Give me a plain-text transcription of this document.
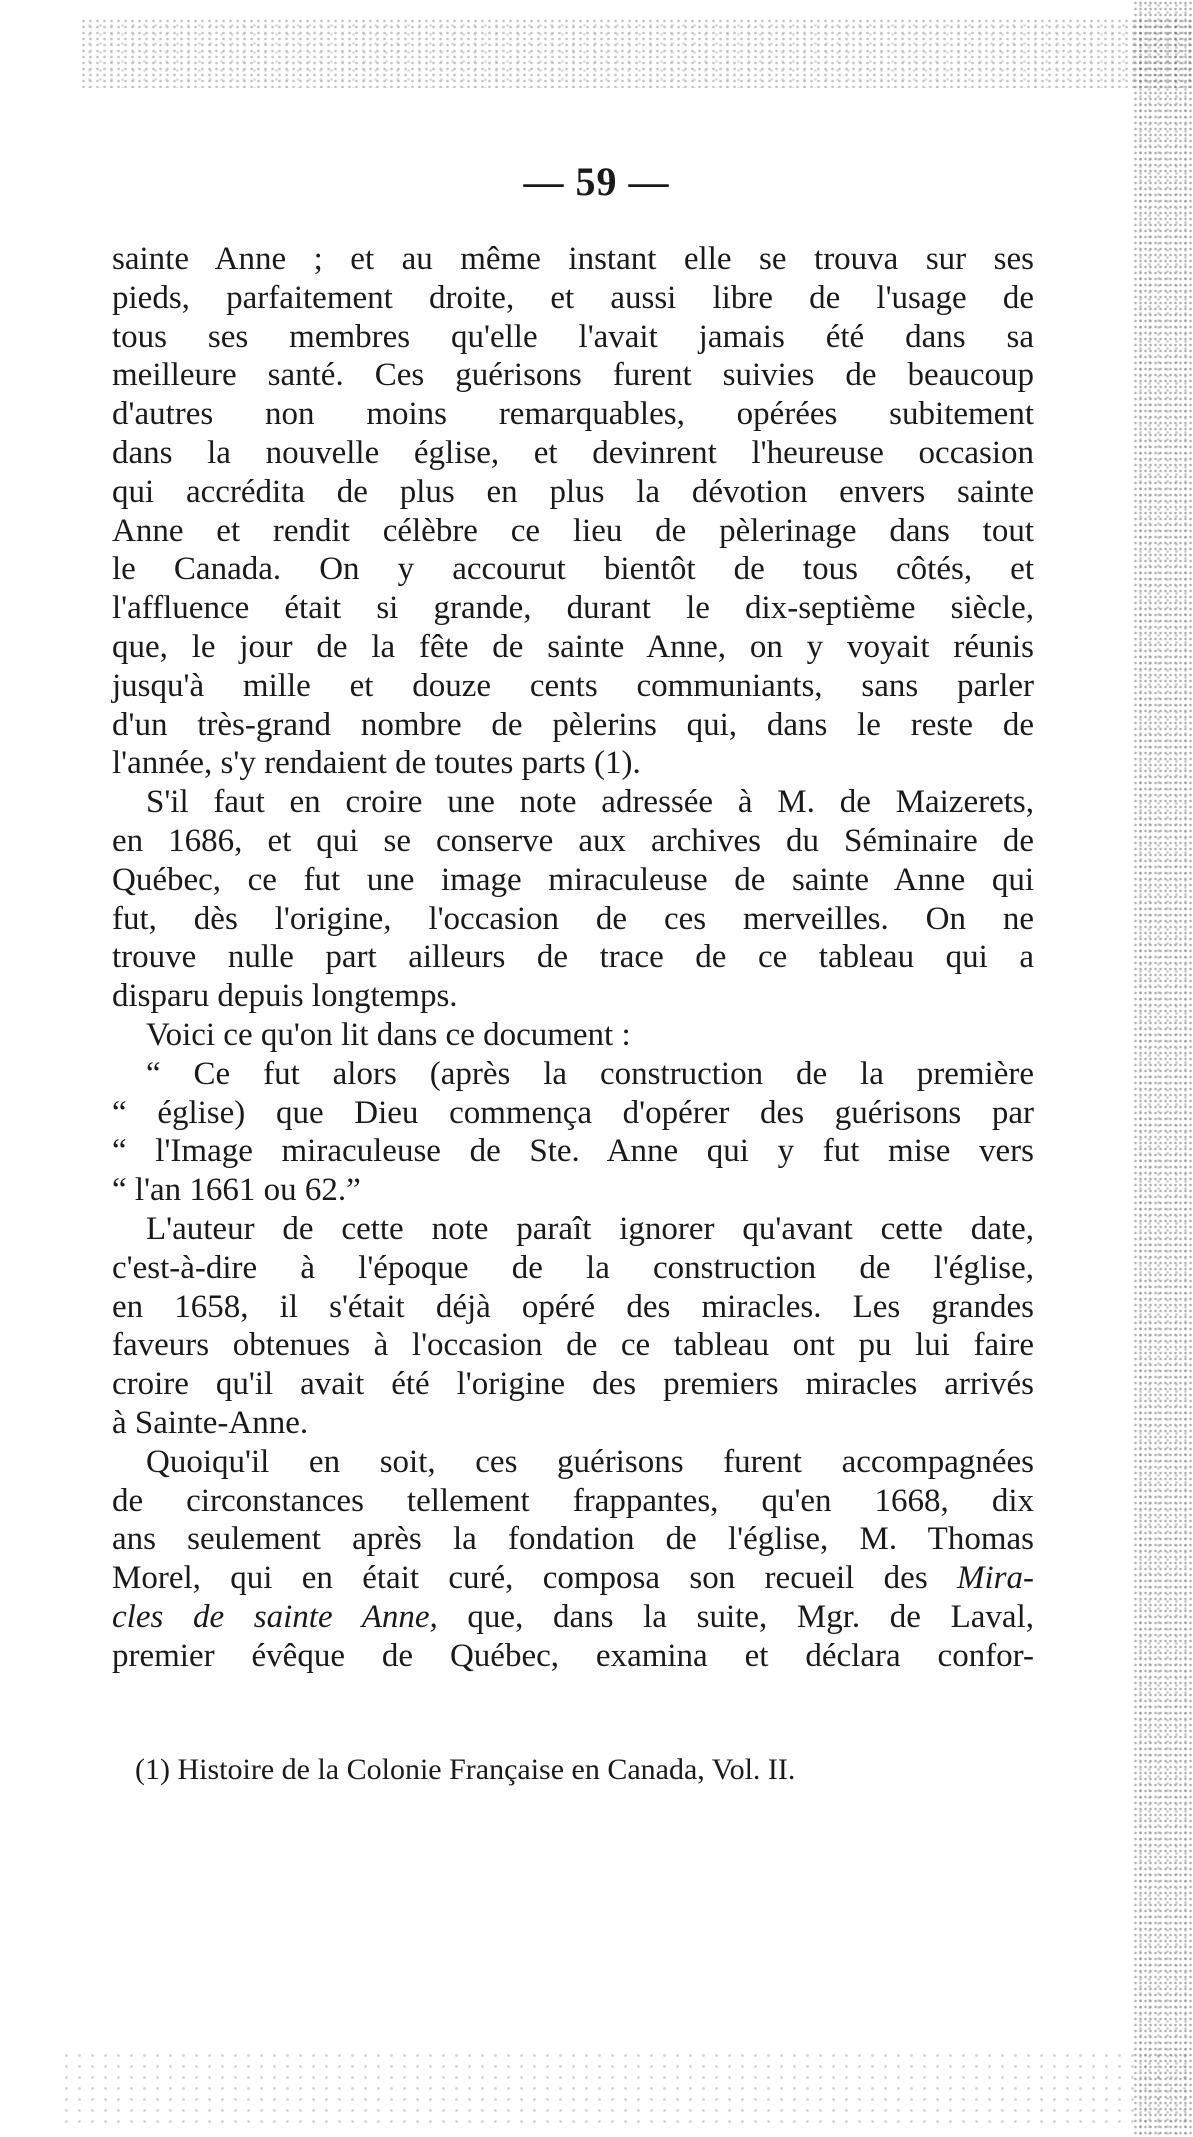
— 59 —
sainte Anne ; et au même instant elle se trouva sur ses
pieds, parfaitement droite, et aussi libre de l'usage de
tous ses membres qu'elle l'avait jamais été dans sa
meilleure santé. Ces guérisons furent suivies de beaucoup
d'autres non moins remarquables, opérées subitement
dans la nouvelle église, et devinrent l'heureuse occasion
qui accrédita de plus en plus la dévotion envers sainte
Anne et rendit célèbre ce lieu de pèlerinage dans tout
le Canada. On y accourut bientôt de tous côtés, et
l'affluence était si grande, durant le dix-septième siècle,
que, le jour de la fête de sainte Anne, on y voyait réunis
jusqu'à mille et douze cents communiants, sans parler
d'un très-grand nombre de pèlerins qui, dans le reste de
l'année, s'y rendaient de toutes parts (1).
S'il faut en croire une note adressée à M. de Maizerets,
en 1686, et qui se conserve aux archives du Séminaire de
Québec, ce fut une image miraculeuse de sainte Anne qui
fut, dès l'origine, l'occasion de ces merveilles. On ne
trouve nulle part ailleurs de trace de ce tableau qui a
disparu depuis longtemps.
Voici ce qu'on lit dans ce document :
“ Ce fut alors (après la construction de la première
“ église) que Dieu commença d'opérer des guérisons par
“ l'Image miraculeuse de Ste. Anne qui y fut mise vers
“ l'an 1661 ou 62.”
L'auteur de cette note paraît ignorer qu'avant cette date,
c'est-à-dire à l'époque de la construction de l'église,
en 1658, il s'était déjà opéré des miracles. Les grandes
faveurs obtenues à l'occasion de ce tableau ont pu lui faire
croire qu'il avait été l'origine des premiers miracles arrivés
à Sainte-Anne.
Quoiqu'il en soit, ces guérisons furent accompagnées
de circonstances tellement frappantes, qu'en 1668, dix
ans seulement après la fondation de l'église, M. Thomas
Morel, qui en était curé, composa son recueil des Mira-
cles de sainte Anne, que, dans la suite, Mgr. de Laval,
premier évêque de Québec, examina et déclara confor-
(1) Histoire de la Colonie Française en Canada, Vol. II.
